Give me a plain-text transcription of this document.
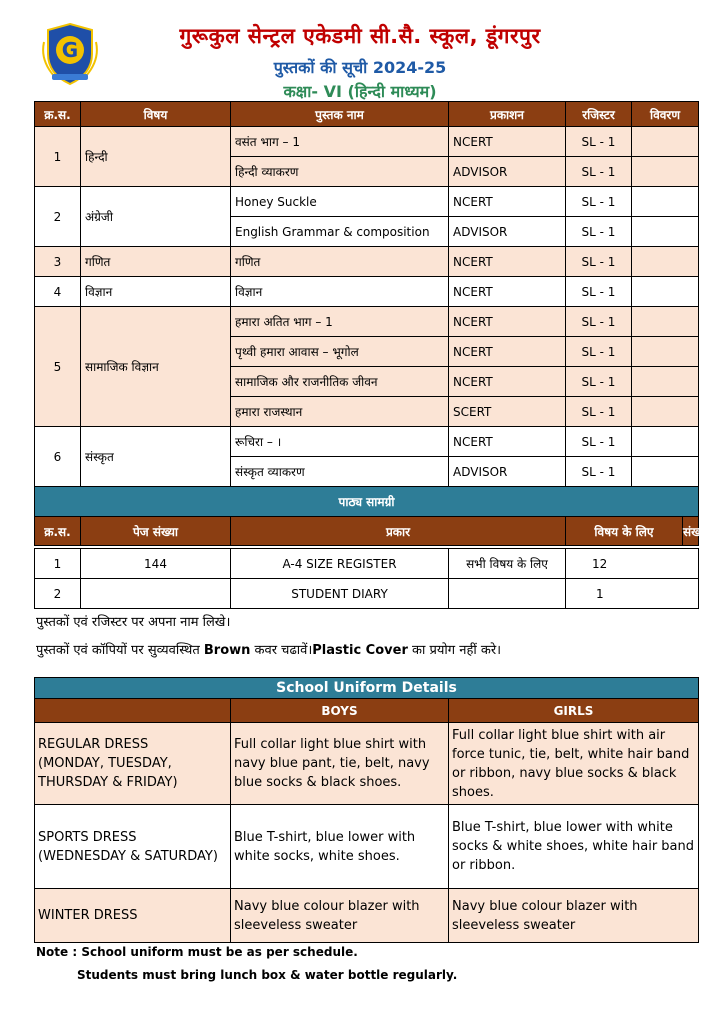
G
गुरूकुल सेन्ट्रल एकेडमी सी.सै. स्कूल, डूंगरपुर
पुस्तकों की सूची 2024-25
कक्षा- VI (हिन्दी माध्यम)
क्र.स.	विषय	पुस्तक नाम	प्रकाशन	रजिस्टर	विवरण
1	हिन्दी	वसंत भाग – 1	NCERT	SL - 1	
		हिन्दी व्याकरण	ADVISOR	SL - 1	
2	अंग्रेजी	Honey Suckle	NCERT	SL - 1	
		English Grammar & composition	ADVISOR	SL - 1	
3	गणित	गणित	NCERT	SL - 1	
4	विज्ञान	विज्ञान	NCERT	SL - 1	
5	सामाजिक विज्ञान	हमारा अतित भाग – 1	NCERT	SL - 1	
		पृथ्वी हमारा आवास – भूगोल	NCERT	SL - 1	
		सामाजिक और राजनीतिक जीवन	NCERT	SL - 1	
		हमारा राजस्थान	SCERT	SL - 1	
6	संस्कृत	रूचिरा – ।	NCERT	SL - 1	
		संस्कृत व्याकरण	ADVISOR	SL - 1	
पाठ्य सामग्री					
क्र.स.	पेज संख्या	प्रकार		विषय के लिए संख्या	
1	144	A-4 SIZE REGISTER	सभी विषय के लिए	12
2		STUDENT DIARY		1
पुस्तकों एवं रजिस्टर पर अपना नाम लिखे।
पुस्तकों एवं कॉपियों पर सुव्यवस्थित Brown कवर चढावें।Plastic Cover का प्रयोग नहीं करे।
School Uniform Details		
	BOYS	GIRLS

REGULAR DRESS
(MONDAY, TUESDAY,
THURSDAY & FRIDAY)	Full collar light blue shirt with navy blue pant, tie, belt, navy blue socks & black shoes.	Full collar light blue shirt with air force tunic, tie, belt, white hair band or ribbon, navy blue socks & black shoes.

SPORTS DRESS
(WEDNESDAY & SATURDAY)	Blue T-shirt, blue lower with white socks, white shoes.	Blue T-shirt, blue lower with white socks & white shoes, white hair band or ribbon.

WINTER DRESS	Navy blue colour blazer with sleeveless sweater	Navy blue colour blazer with sleeveless sweater
Note : School uniform must be as per schedule.
Students must bring lunch box & water bottle regularly.
